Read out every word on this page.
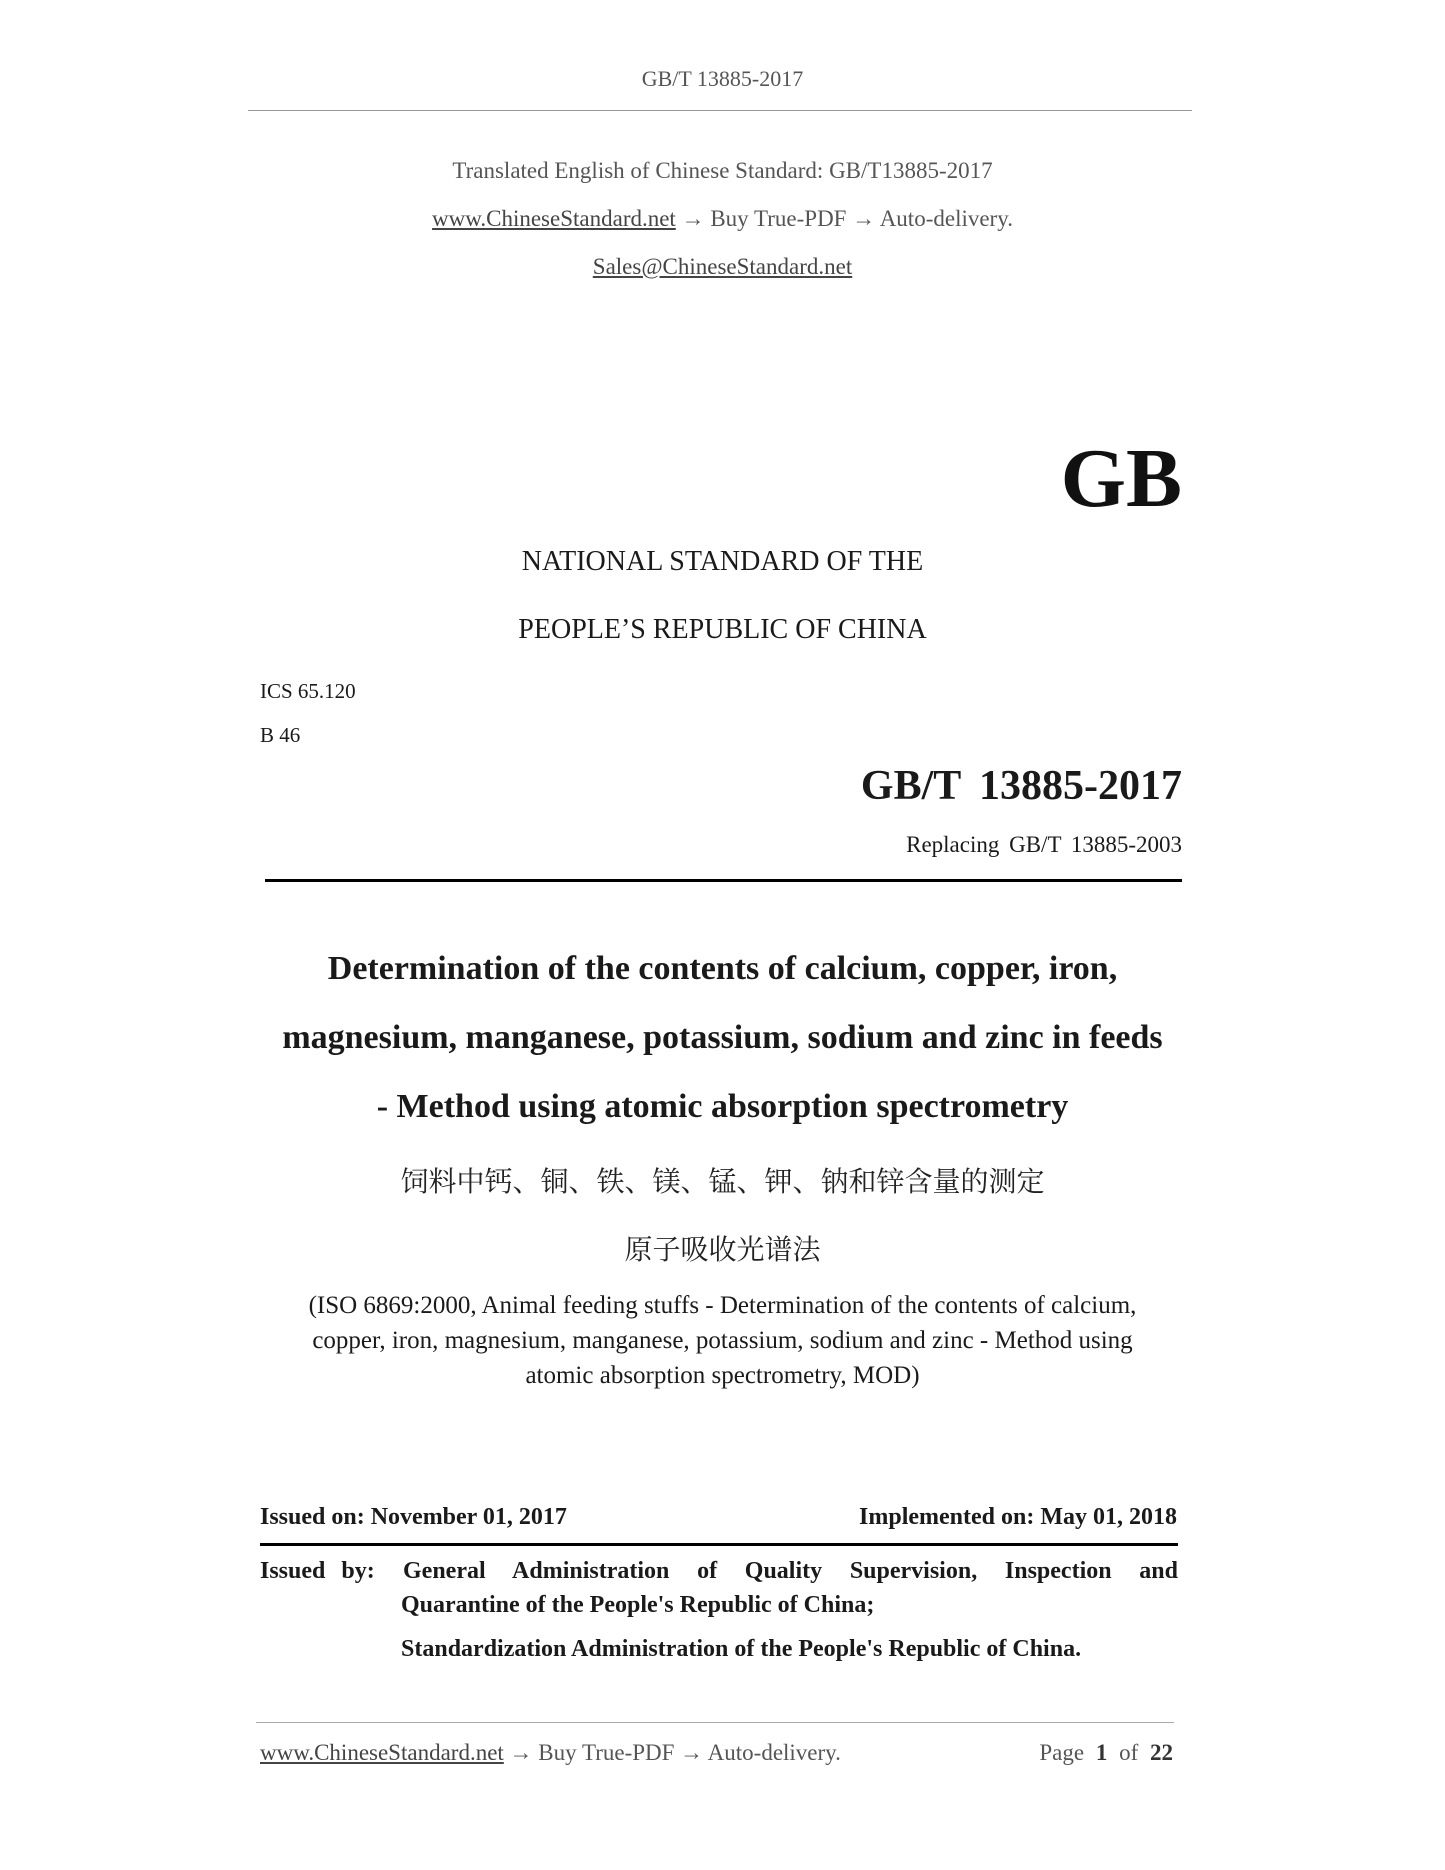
GB/T 13885-2017
Translated English of Chinese Standard: GB/T13885-2017
www.ChineseStandard.net → Buy True-PDF → Auto-delivery.
Sales@ChineseStandard.net
GB
NATIONAL STANDARD OF THE
PEOPLE’S REPUBLIC OF CHINA
ICS 65.120
B 46
GB/T 13885-2017
Replacing GB/T 13885-2003
Determination of the contents of calcium, copper, iron,
magnesium, manganese, potassium, sodium and zinc in feeds
- Method using atomic absorption spectrometry
饲料中钙、铜、铁、镁、锰、钾、钠和锌含量的测定
原子吸收光谱法
(ISO 6869:2000, Animal feeding stuffs - Determination of the contents of calcium,
copper, iron, magnesium, manganese, potassium, sodium and zinc - Method using
atomic absorption spectrometry, MOD)
Issued on: November 01, 2017	Implemented on: May 01, 2018
Issued by: General Administration of Quality Supervision, Inspection and
Quarantine of the People's Republic of China;
Standardization Administration of the People's Republic of China.
www.ChineseStandard.net → Buy True-PDF → Auto-delivery.	Page 1 of 22
